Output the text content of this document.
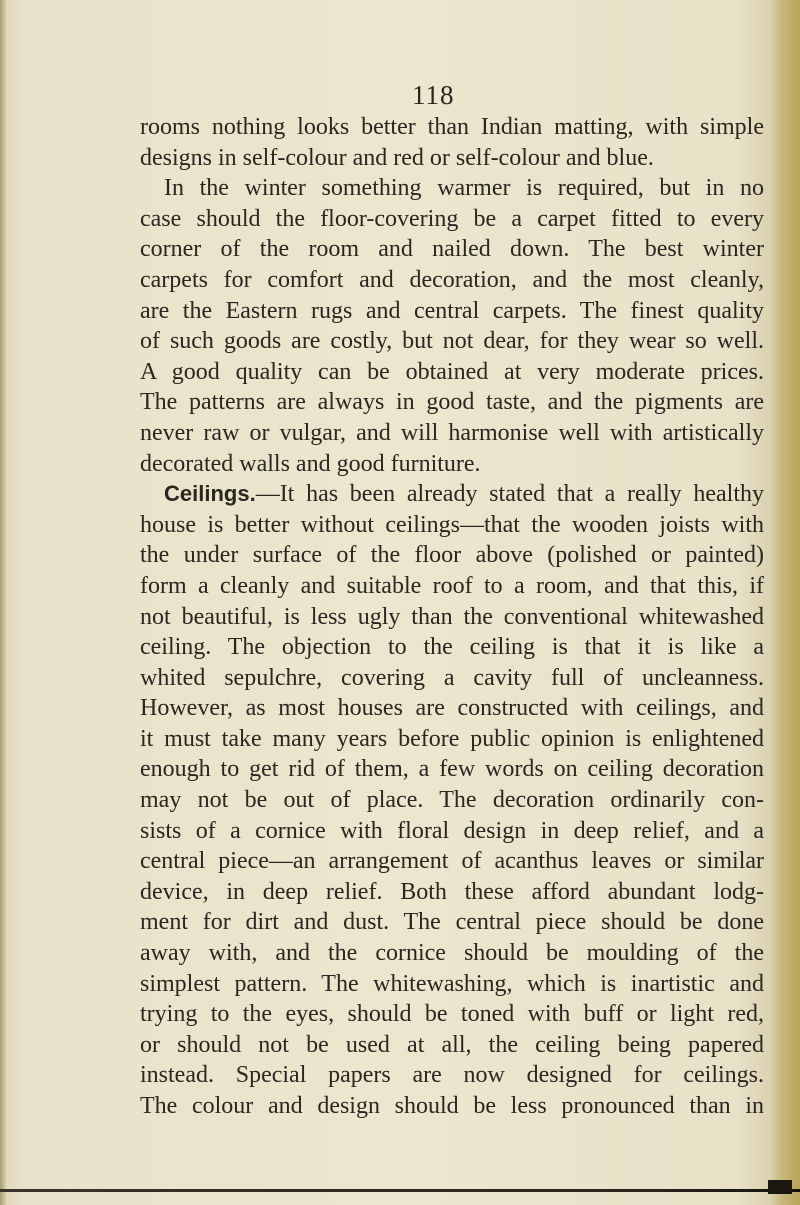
118
rooms nothing looks better than Indian matting, with simple
designs in self-colour and red or self-colour and blue.
In the winter something warmer is required, but in no
case should the floor-covering be a carpet fitted to every
corner of the room and nailed down. The best winter
carpets for comfort and decoration, and the most cleanly,
are the Eastern rugs and central carpets. The finest quality
of such goods are costly, but not dear, for they wear so well.
A good quality can be obtained at very moderate prices.
The patterns are always in good taste, and the pigments are
never raw or vulgar, and will harmonise well with artistically
decorated walls and good furniture.
Ceilings.—It has been already stated that a really healthy
house is better without ceilings—that the wooden joists with
the under surface of the floor above (polished or painted)
form a cleanly and suitable roof to a room, and that this, if
not beautiful, is less ugly than the conventional whitewashed
ceiling. The objection to the ceiling is that it is like a
whited sepulchre, covering a cavity full of uncleanness.
However, as most houses are constructed with ceilings, and
it must take many years before public opinion is enlightened
enough to get rid of them, a few words on ceiling decoration
may not be out of place. The decoration ordinarily con-
sists of a cornice with floral design in deep relief, and a
central piece—an arrangement of acanthus leaves or similar
device, in deep relief. Both these afford abundant lodg-
ment for dirt and dust. The central piece should be done
away with, and the cornice should be moulding of the
simplest pattern. The whitewashing, which is inartistic and
trying to the eyes, should be toned with buff or light red,
or should not be used at all, the ceiling being papered
instead. Special papers are now designed for ceilings.
The colour and design should be less pronounced than in
